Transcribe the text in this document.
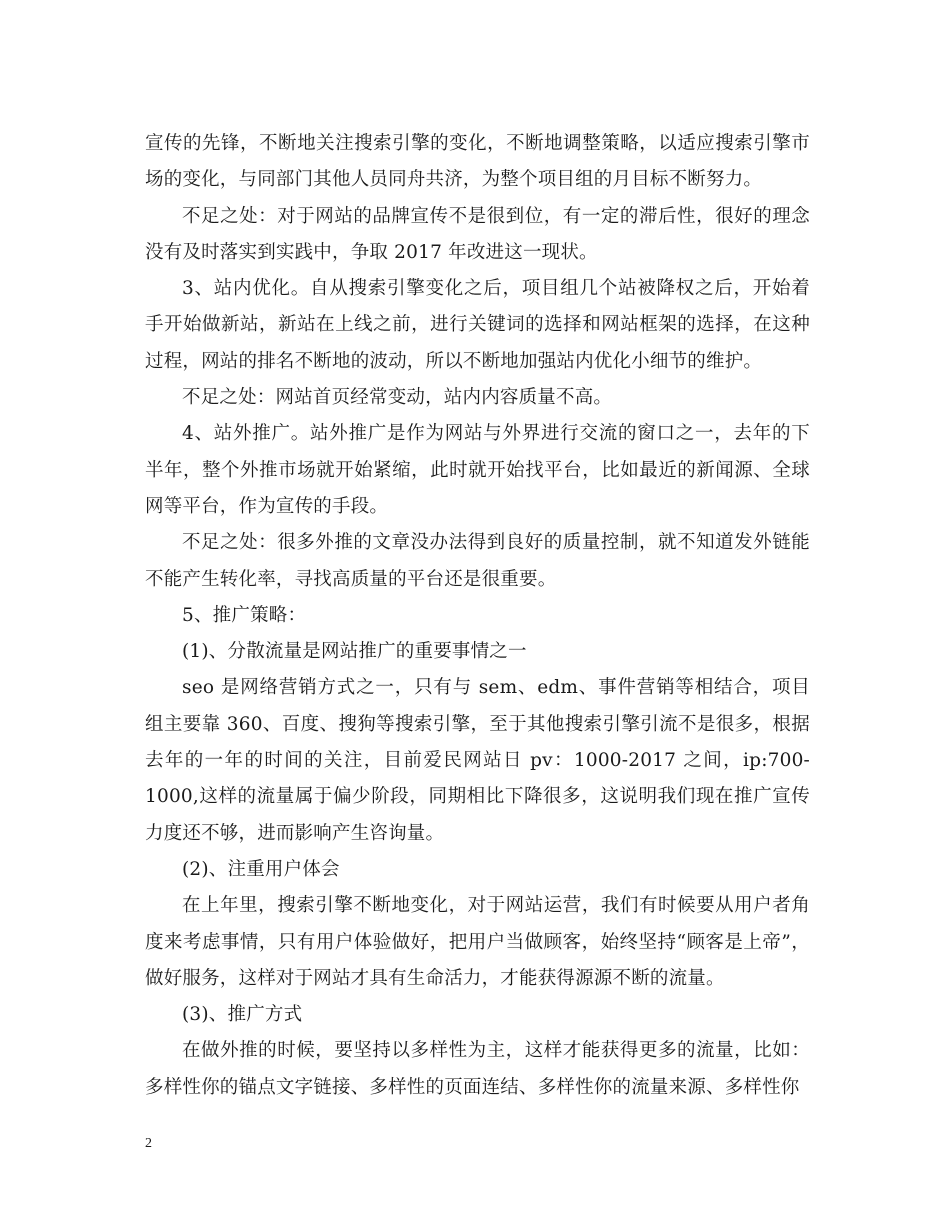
宣传的先锋，不断地关注搜索引擎的变化，不断地调整策略，以适应搜索引擎市场的变化，与同部门其他人员同舟共济，为整个项目组的月目标不断努力。

不足之处：对于网站的品牌宣传不是很到位，有一定的滞后性，很好的理念没有及时落实到实践中，争取 2017 年改进这一现状。

3、站内优化。自从搜索引擎变化之后，项目组几个站被降权之后，开始着手开始做新站，新站在上线之前，进行关键词的选择和网站框架的选择，在这种过程，网站的排名不断地的波动，所以不断地加强站内优化小细节的维护。

不足之处：网站首页经常变动，站内内容质量不高。

4、站外推广。站外推广是作为网站与外界进行交流的窗口之一，去年的下半年，整个外推市场就开始紧缩，此时就开始找平台，比如最近的新闻源、全球网等平台，作为宣传的手段。

不足之处：很多外推的文章没办法得到良好的质量控制，就不知道发外链能不能产生转化率，寻找高质量的平台还是很重要。

5、推广策略：

(1)、分散流量是网站推广的重要事情之一

seo 是网络营销方式之一，只有与 sem、edm、事件营销等相结合，项目组主要靠 360、百度、搜狗等搜索引擎，至于其他搜索引擎引流不是很多，根据去年的一年的时间的关注，目前爱民网站日 pv：1000-2017 之间，ip:700-1000,这样的流量属于偏少阶段，同期相比下降很多，这说明我们现在推广宣传力度还不够，进而影响产生咨询量。

(2)、注重用户体会

在上年里，搜索引擎不断地变化，对于网站运营，我们有时候要从用户者角度来考虑事情，只有用户体验做好，把用户当做顾客，始终坚持“顾客是上帝”，做好服务，这样对于网站才具有生命活力，才能获得源源不断的流量。

(3)、推广方式

在做外推的时候，要坚持以多样性为主，这样才能获得更多的流量，比如：多样性你的锚点文字链接、多样性的页面连结、多样性你的流量来源、多样性你

2
